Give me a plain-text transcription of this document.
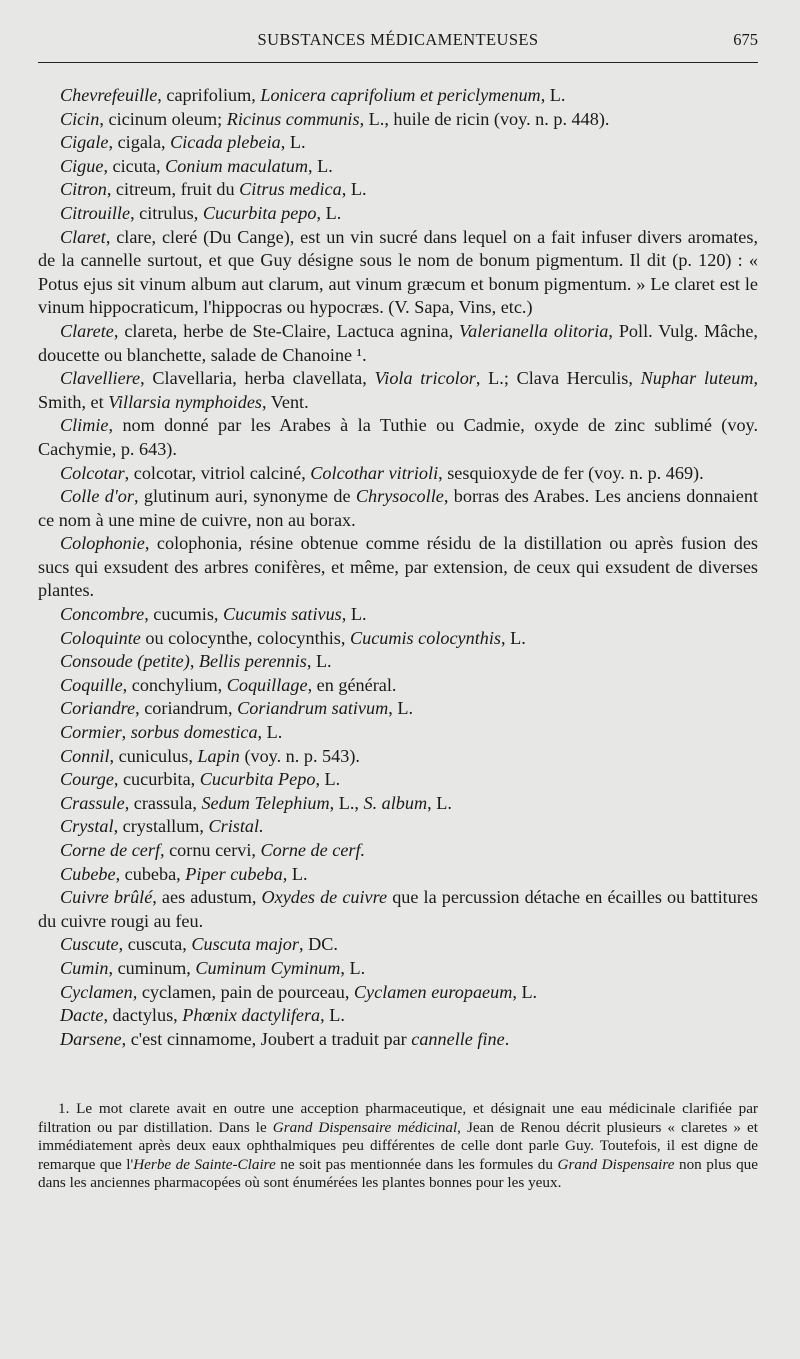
SUBSTANCES MÉDICAMENTEUSES	675

Chevrefeuille, caprifolium, Lonicera caprifolium et periclymenum, L.

Cicin, cicinum oleum; Ricinus communis, L., huile de ricin (voy. n. p. 448).

Cigale, cigala, Cicada plebeia, L.

Cigue, cicuta, Conium maculatum, L.

Citron, citreum, fruit du Citrus medica, L.

Citrouille, citrulus, Cucurbita pepo, L.

Claret, clare, cleré (Du Cange), est un vin sucré dans lequel on a fait infuser divers aromates, de la cannelle surtout, et que Guy désigne sous le nom de bonum pigmentum. Il dit (p. 120) : « Potus ejus sit vinum album aut clarum, aut vinum græcum et bonum pigmentum. » Le claret est le vinum hippocraticum, l'hippocras ou hypocræs. (V. Sapa, Vins, etc.)

Clarete, clareta, herbe de Ste-Claire, Lactuca agnina, Valerianella olitoria, Poll. Vulg. Mâche, doucette ou blanchette, salade de Chanoine ¹.

Clavelliere, Clavellaria, herba clavellata, Viola tricolor, L.; Clava Herculis, Nuphar luteum, Smith, et Villarsia nymphoides, Vent.

Climie, nom donné par les Arabes à la Tuthie ou Cadmie, oxyde de zinc sublimé (voy. Cachymie, p. 643).

Colcotar, colcotar, vitriol calciné, Colcothar vitrioli, sesquioxyde de fer (voy. n. p. 469).

Colle d'or, glutinum auri, synonyme de Chrysocolle, borras des Arabes. Les anciens donnaient ce nom à une mine de cuivre, non au borax.

Colophonie, colophonia, résine obtenue comme résidu de la distillation ou après fusion des sucs qui exsudent des arbres conifères, et même, par extension, de ceux qui exsudent de diverses plantes.

Concombre, cucumis, Cucumis sativus, L.

Coloquinte ou colocynthe, colocynthis, Cucumis colocynthis, L.

Consoude (petite), Bellis perennis, L.

Coquille, conchylium, Coquillage, en général.

Coriandre, coriandrum, Coriandrum sativum, L.

Cormier, sorbus domestica, L.

Connil, cuniculus, Lapin (voy. n. p. 543).

Courge, cucurbita, Cucurbita Pepo, L.

Crassule, crassula, Sedum Telephium, L., S. album, L.

Crystal, crystallum, Cristal.

Corne de cerf, cornu cervi, Corne de cerf.

Cubebe, cubeba, Piper cubeba, L.

Cuivre brûlé, aes adustum, Oxydes de cuivre que la percussion détache en écailles ou battitures du cuivre rougi au feu.

Cuscute, cuscuta, Cuscuta major, DC.

Cumin, cuminum, Cuminum Cyminum, L.

Cyclamen, cyclamen, pain de pourceau, Cyclamen europaeum, L.

Dacte, dactylus, Phœnix dactylifera, L.

Darsene, c'est cinnamome, Joubert a traduit par cannelle fine.

1. Le mot clarete avait en outre une acception pharmaceutique, et désignait une eau médicinale clarifiée par filtration ou par distillation. Dans le Grand Dispensaire médicinal, Jean de Renou décrit plusieurs « claretes » et immédiatement après deux eaux ophthalmiques peu différentes de celle dont parle Guy. Toutefois, il est digne de remarque que l'Herbe de Sainte-Claire ne soit pas mentionnée dans les formules du Grand Dispensaire non plus que dans les anciennes pharmacopées où sont énumérées les plantes bonnes pour les yeux.
